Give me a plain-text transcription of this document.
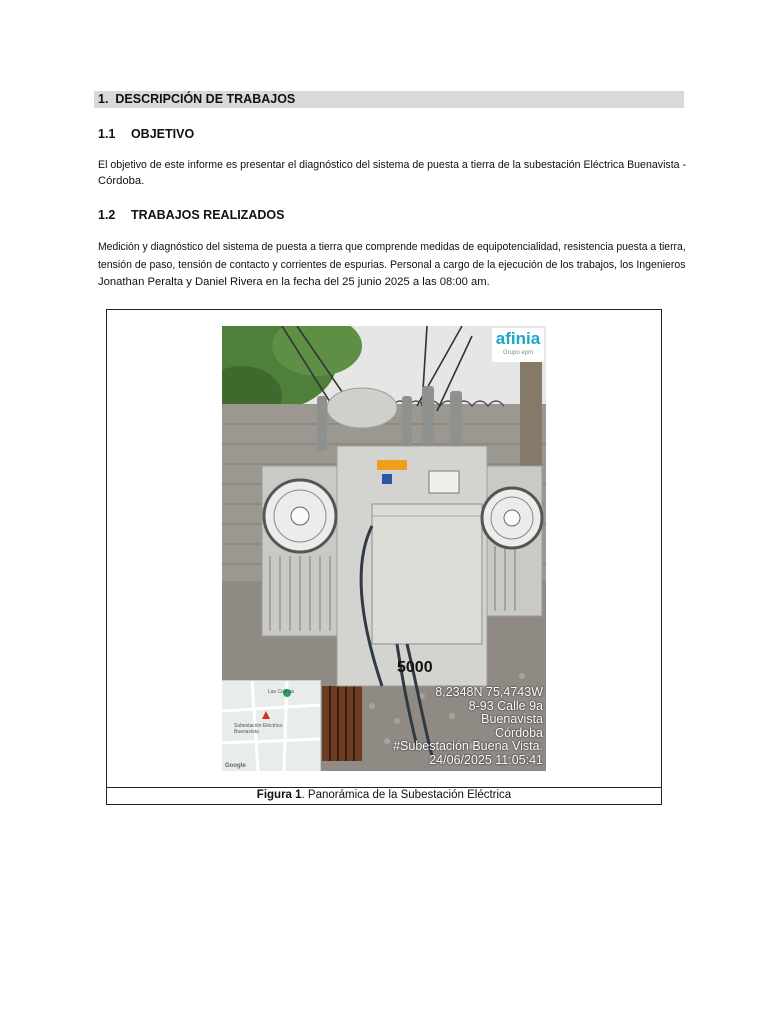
1. DESCRIPCIÓN DE TRABAJOS
1.1 OBJETIVO
El objetivo de este informe es presentar el diagnóstico del sistema de puesta a tierra de la subestación Eléctrica Buenavista -
Córdoba.
1.2 TRABAJOS REALIZADOS
Medición y diagnóstico del sistema de puesta a tierra que comprende medidas de equipotencialidad, resistencia puesta a tierra,
tensión de paso, tensión de contacto y corrientes de espurias. Personal a cargo de la ejecución de los trabajos, los Ingenieros
Jonathan Peralta y Daniel Rivera en la fecha del 25 junio 2025 a las 08:00 am.
Figura 1. Panorámica de la Subestación Eléctrica
5000
afinia
Grupo epm
Las Colinas
Subestación Eléctrica Buenavista
Google
8,2348N 75,4743W
8-93 Calle 9a
Buenavista
Córdoba
#Subestación Buena Vista.
24/06/2025 11:05:41
